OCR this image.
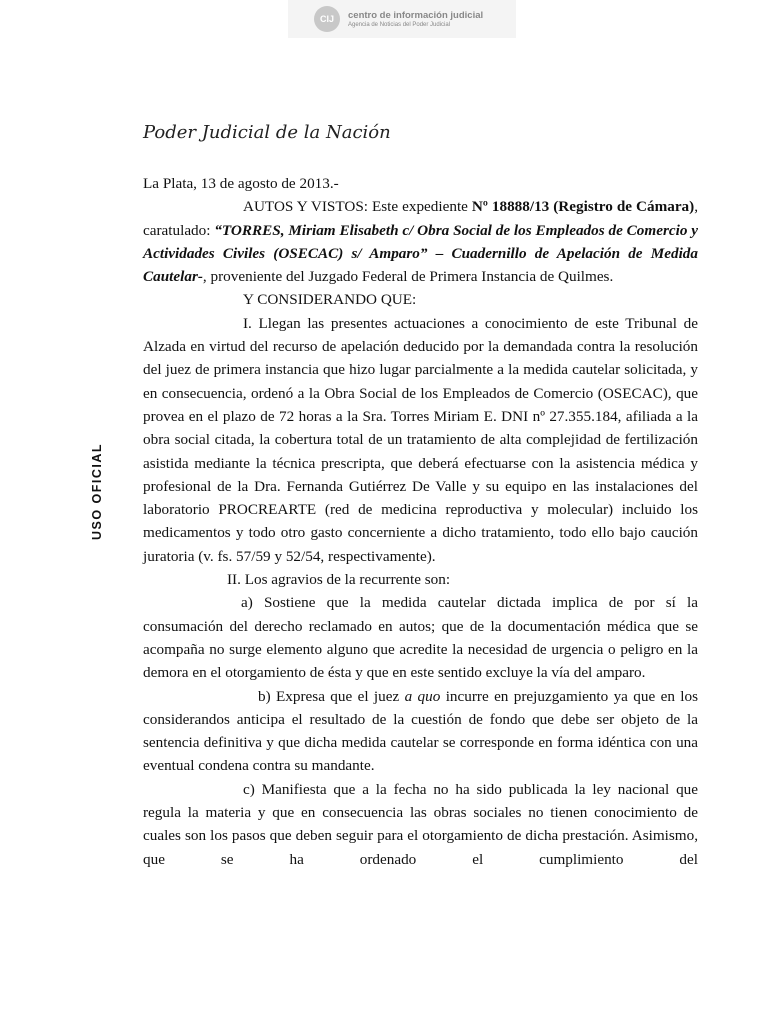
CIJ	centro de información judicial
Agencia de Noticias del Poder Judicial
USO OFICIAL
Poder Judicial de la Nación

La Plata, 13 de agosto de 2013.-

AUTOS Y VISTOS: Este expediente Nº 18888/13 (Registro de Cámara), caratulado: “TORRES, Miriam Elisabeth c/ Obra Social de los Empleados de Comercio y Actividades Civiles (OSECAC) s/ Amparo” – Cuadernillo de Apelación de Medida Cautelar-, proveniente del Juzgado Federal de Primera Instancia de Quilmes.

Y CONSIDERANDO QUE:

I. Llegan las presentes actuaciones a conocimiento de este Tribunal de Alzada en virtud del recurso de apelación deducido por la demandada contra la resolución del juez de primera instancia que hizo lugar parcialmente a la medida cautelar solicitada, y en consecuencia, ordenó a la Obra Social de los Empleados de Comercio (OSECAC), que provea en el plazo de 72 horas a la Sra. Torres Miriam E. DNI nº 27.355.184, afiliada a la obra social citada, la cobertura total de un tratamiento de alta complejidad de fertilización asistida mediante la técnica prescripta, que deberá efectuarse con la asistencia médica y profesional de la Dra. Fernanda Gutiérrez De Valle y su equipo en las instalaciones del laboratorio PROCREARTE (red de medicina reproductiva y molecular) incluido los medicamentos y todo otro gasto concerniente a dicho tratamiento, todo ello bajo caución juratoria (v. fs. 57/59 y 52/54, respectivamente).

II. Los agravios de la recurrente son:

a) Sostiene que la medida cautelar dictada implica de por sí la consumación del derecho reclamado en autos; que de la documentación médica que se acompaña no surge elemento alguno que acredite la necesidad de urgencia o peligro en la demora en el otorgamiento de ésta y que en este sentido excluye la vía del amparo.

b) Expresa que el juez a quo incurre en prejuzgamiento ya que en los considerandos anticipa el resultado de la cuestión de fondo que debe ser objeto de la sentencia definitiva y que dicha medida cautelar se corresponde en forma idéntica con una eventual condena contra su mandante.

c) Manifiesta que a la fecha no ha sido publicada la ley nacional que regula la materia y que en consecuencia las obras sociales no tienen conocimiento de cuales son los pasos que deben seguir para el otorgamiento de dicha prestación. Asimismo, que se ha ordenado el cumplimiento del
